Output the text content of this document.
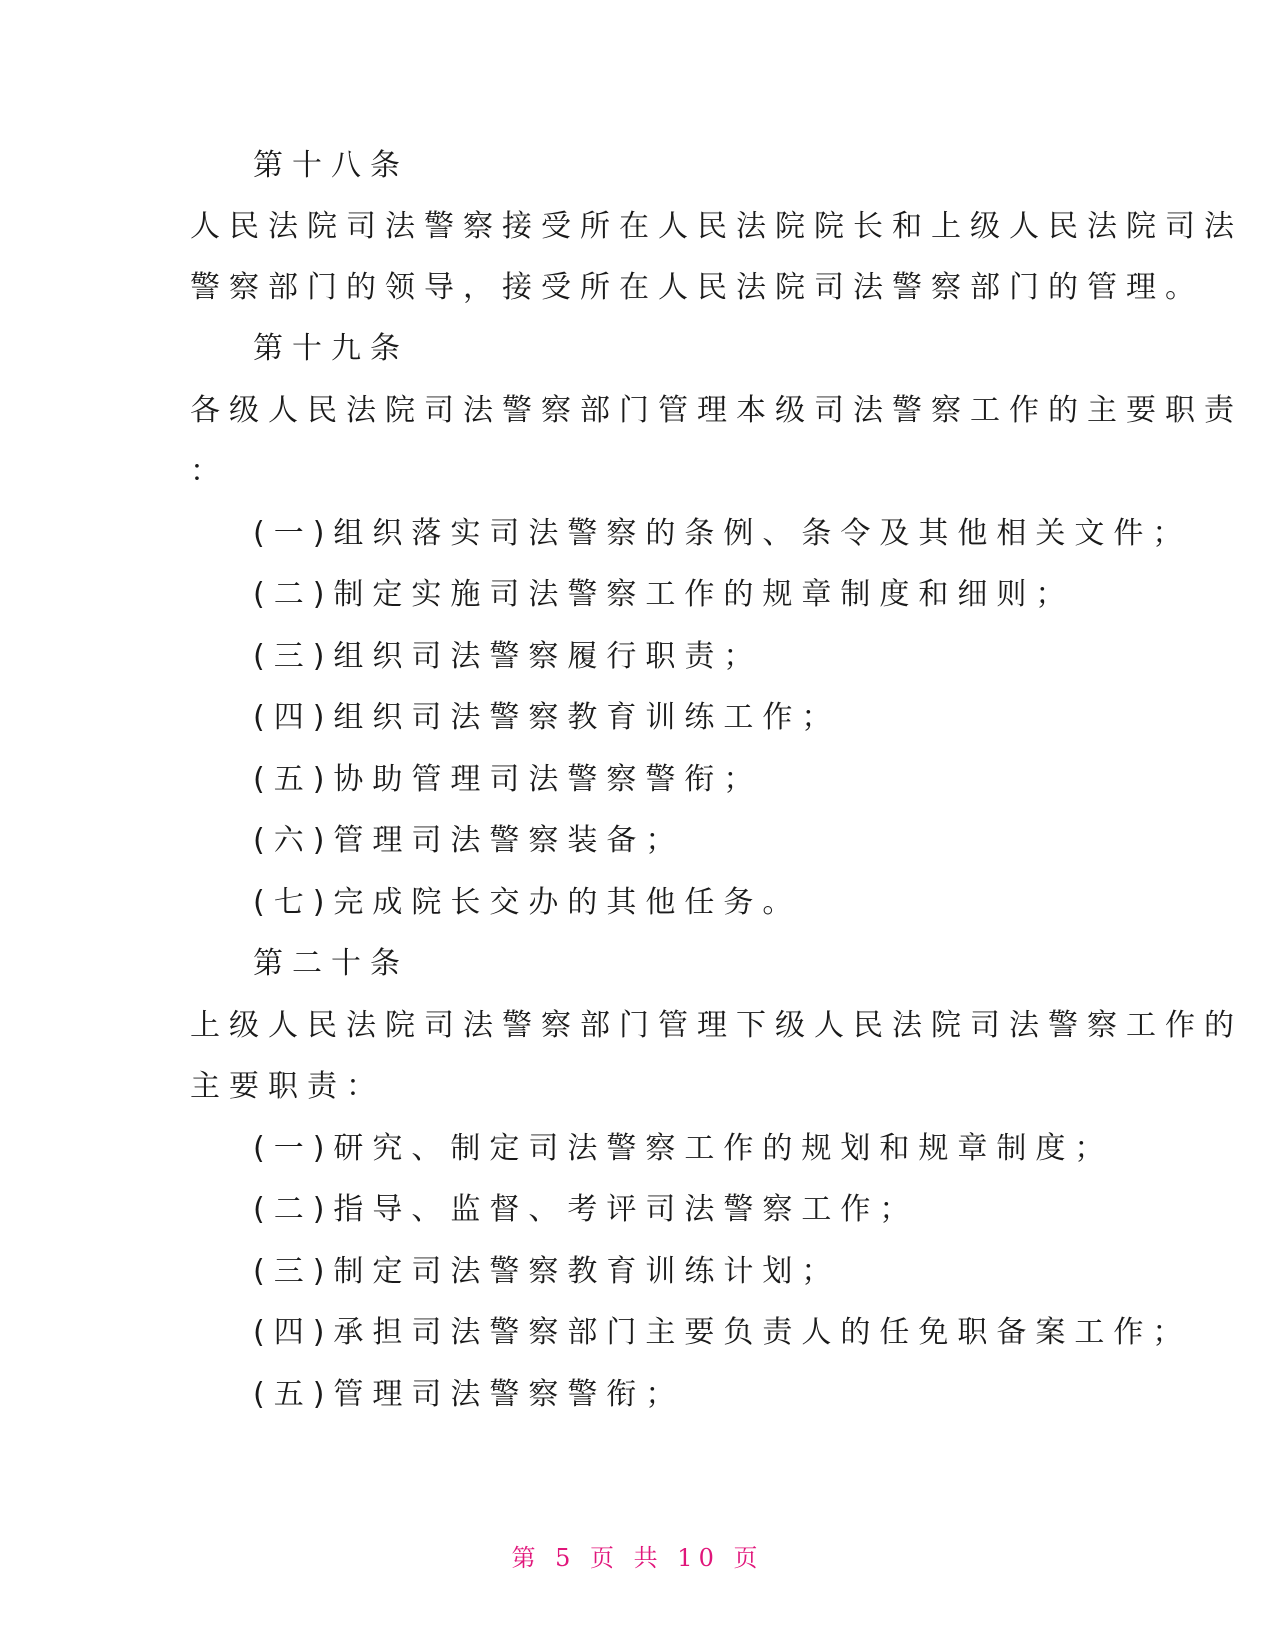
第十八条
人民法院司法警察接受所在人民法院院长和上级人民法院司法
警察部门的领导，接受所在人民法院司法警察部门的管理。
第十九条
各级人民法院司法警察部门管理本级司法警察工作的主要职责
：
(一)组织落实司法警察的条例、条令及其他相关文件；
(二)制定实施司法警察工作的规章制度和细则；
(三)组织司法警察履行职责；
(四)组织司法警察教育训练工作；
(五)协助管理司法警察警衔；
(六)管理司法警察装备；
(七)完成院长交办的其他任务。
第二十条
上级人民法院司法警察部门管理下级人民法院司法警察工作的
主要职责：
(一)研究、制定司法警察工作的规划和规章制度；
(二)指导、监督、考评司法警察工作；
(三)制定司法警察教育训练计划；
(四)承担司法警察部门主要负责人的任免职备案工作；
(五)管理司法警察警衔；
第 5 页 共 10 页
